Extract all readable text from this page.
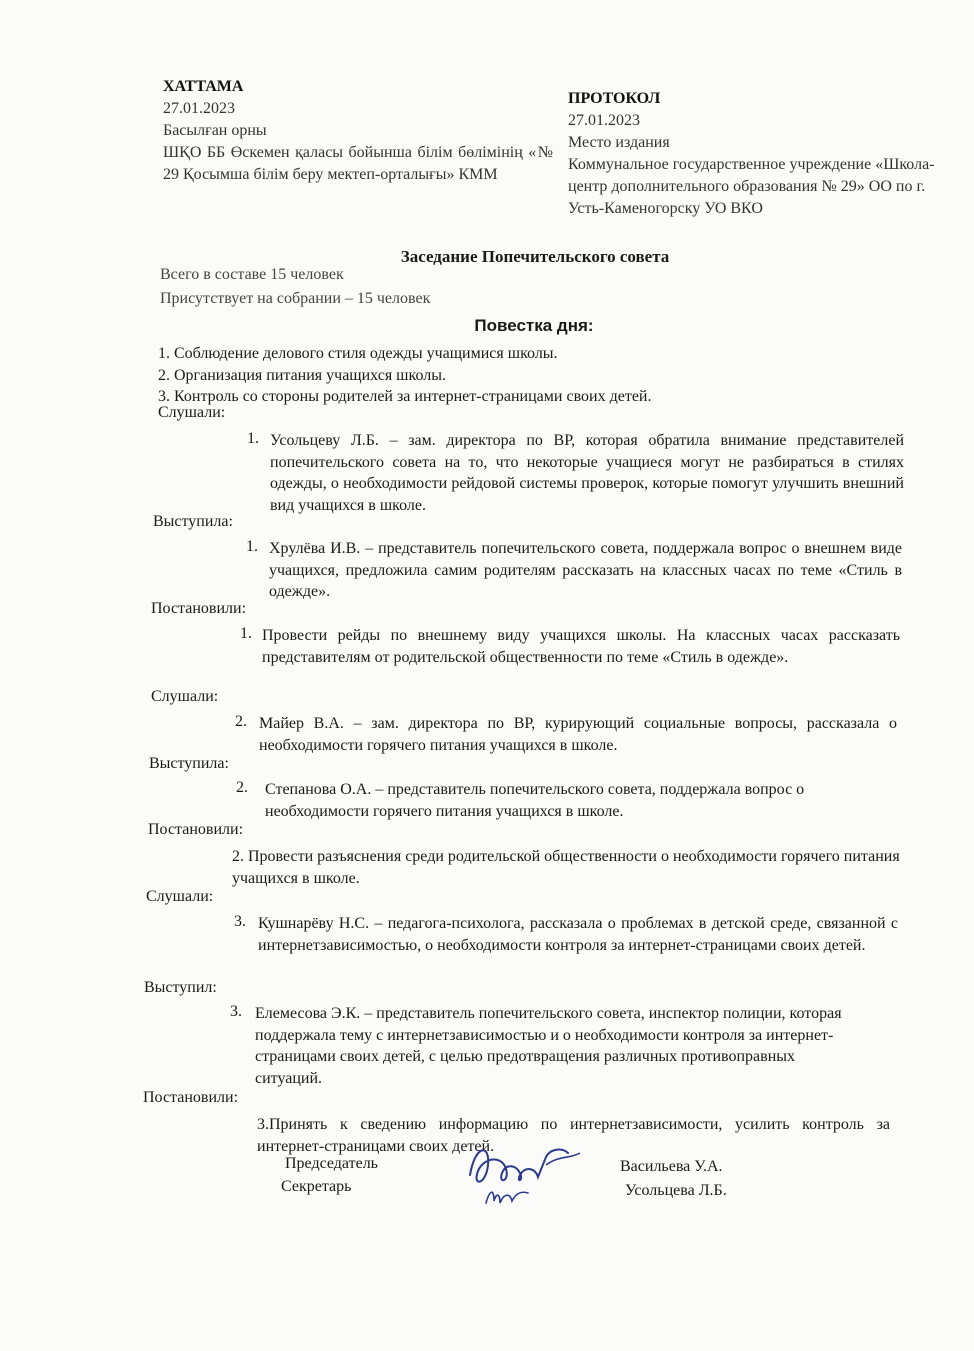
ХАТТАМА
27.01.2023
Басылған орны
ШҚО ББ Өскемен қаласы бойынша білім бөлімінің «№ 29 Қосымша білім беру мектеп-орталығы» КММ
ПРОТОКОЛ
27.01.2023
Место издания
Коммунальное государственное учреждение «Школа-центр дополнительного образования № 29» ОО по г. Усть-Каменогорску УО ВКО
Заседание Попечительского совета
Всего в составе 15 человек
Присутствует на собрании – 15 человек
Повестка дня:
1. Соблюдение делового стиля одежды учащимися школы.
2. Организация питания учащихся школы.
3. Контроль со стороны родителей за интернет-страницами своих детей.
Слушали:
1. Усольцеву Л.Б. – зам. директора по ВР, которая обратила внимание представителей попечительского совета на то, что некоторые учащиеся могут не разбираться в стилях одежды, о необходимости рейдовой системы проверок, которые помогут улучшить внешний вид учащихся в школе.
Выступила:
1. Хрулёва И.В. – представитель попечительского совета, поддержала вопрос о внешнем виде учащихся, предложила самим родителям рассказать на классных часах по теме «Стиль в одежде».
Постановили:
1. Провести рейды по внешнему виду учащихся школы. На классных часах рассказать представителям от родительской общественности по теме «Стиль в одежде».
Слушали:
2. Майер В.А. – зам. директора по ВР, курирующий социальные вопросы, рассказала о необходимости горячего питания учащихся в школе.
Выступила:
2. Степанова О.А. – представитель попечительского совета, поддержала вопрос о необходимости горячего питания учащихся в школе.
Постановили:
2. Провести разъяснения среди родительской общественности о необходимости горячего питания учащихся в школе.
Слушали:
3. Кушнарёву Н.С. – педагога-психолога, рассказала о проблемах в детской среде, связанной с интернетзависимостью, о необходимости контроля за интернет-страницами своих детей.
Выступил:
3. Елемесова Э.К. – представитель попечительского совета, инспектор полиции, которая поддержала тему с интернетзависимостью и о необходимости контроля за интернет-страницами своих детей, с целью предотвращения различных противоправных ситуаций.
Постановили:
3.Принять к сведению информацию по интернетзависимости, усилить контроль за интернет-страницами своих детей.
Председатель	Васильева У.А.
Секретарь	Усольцева Л.Б.
